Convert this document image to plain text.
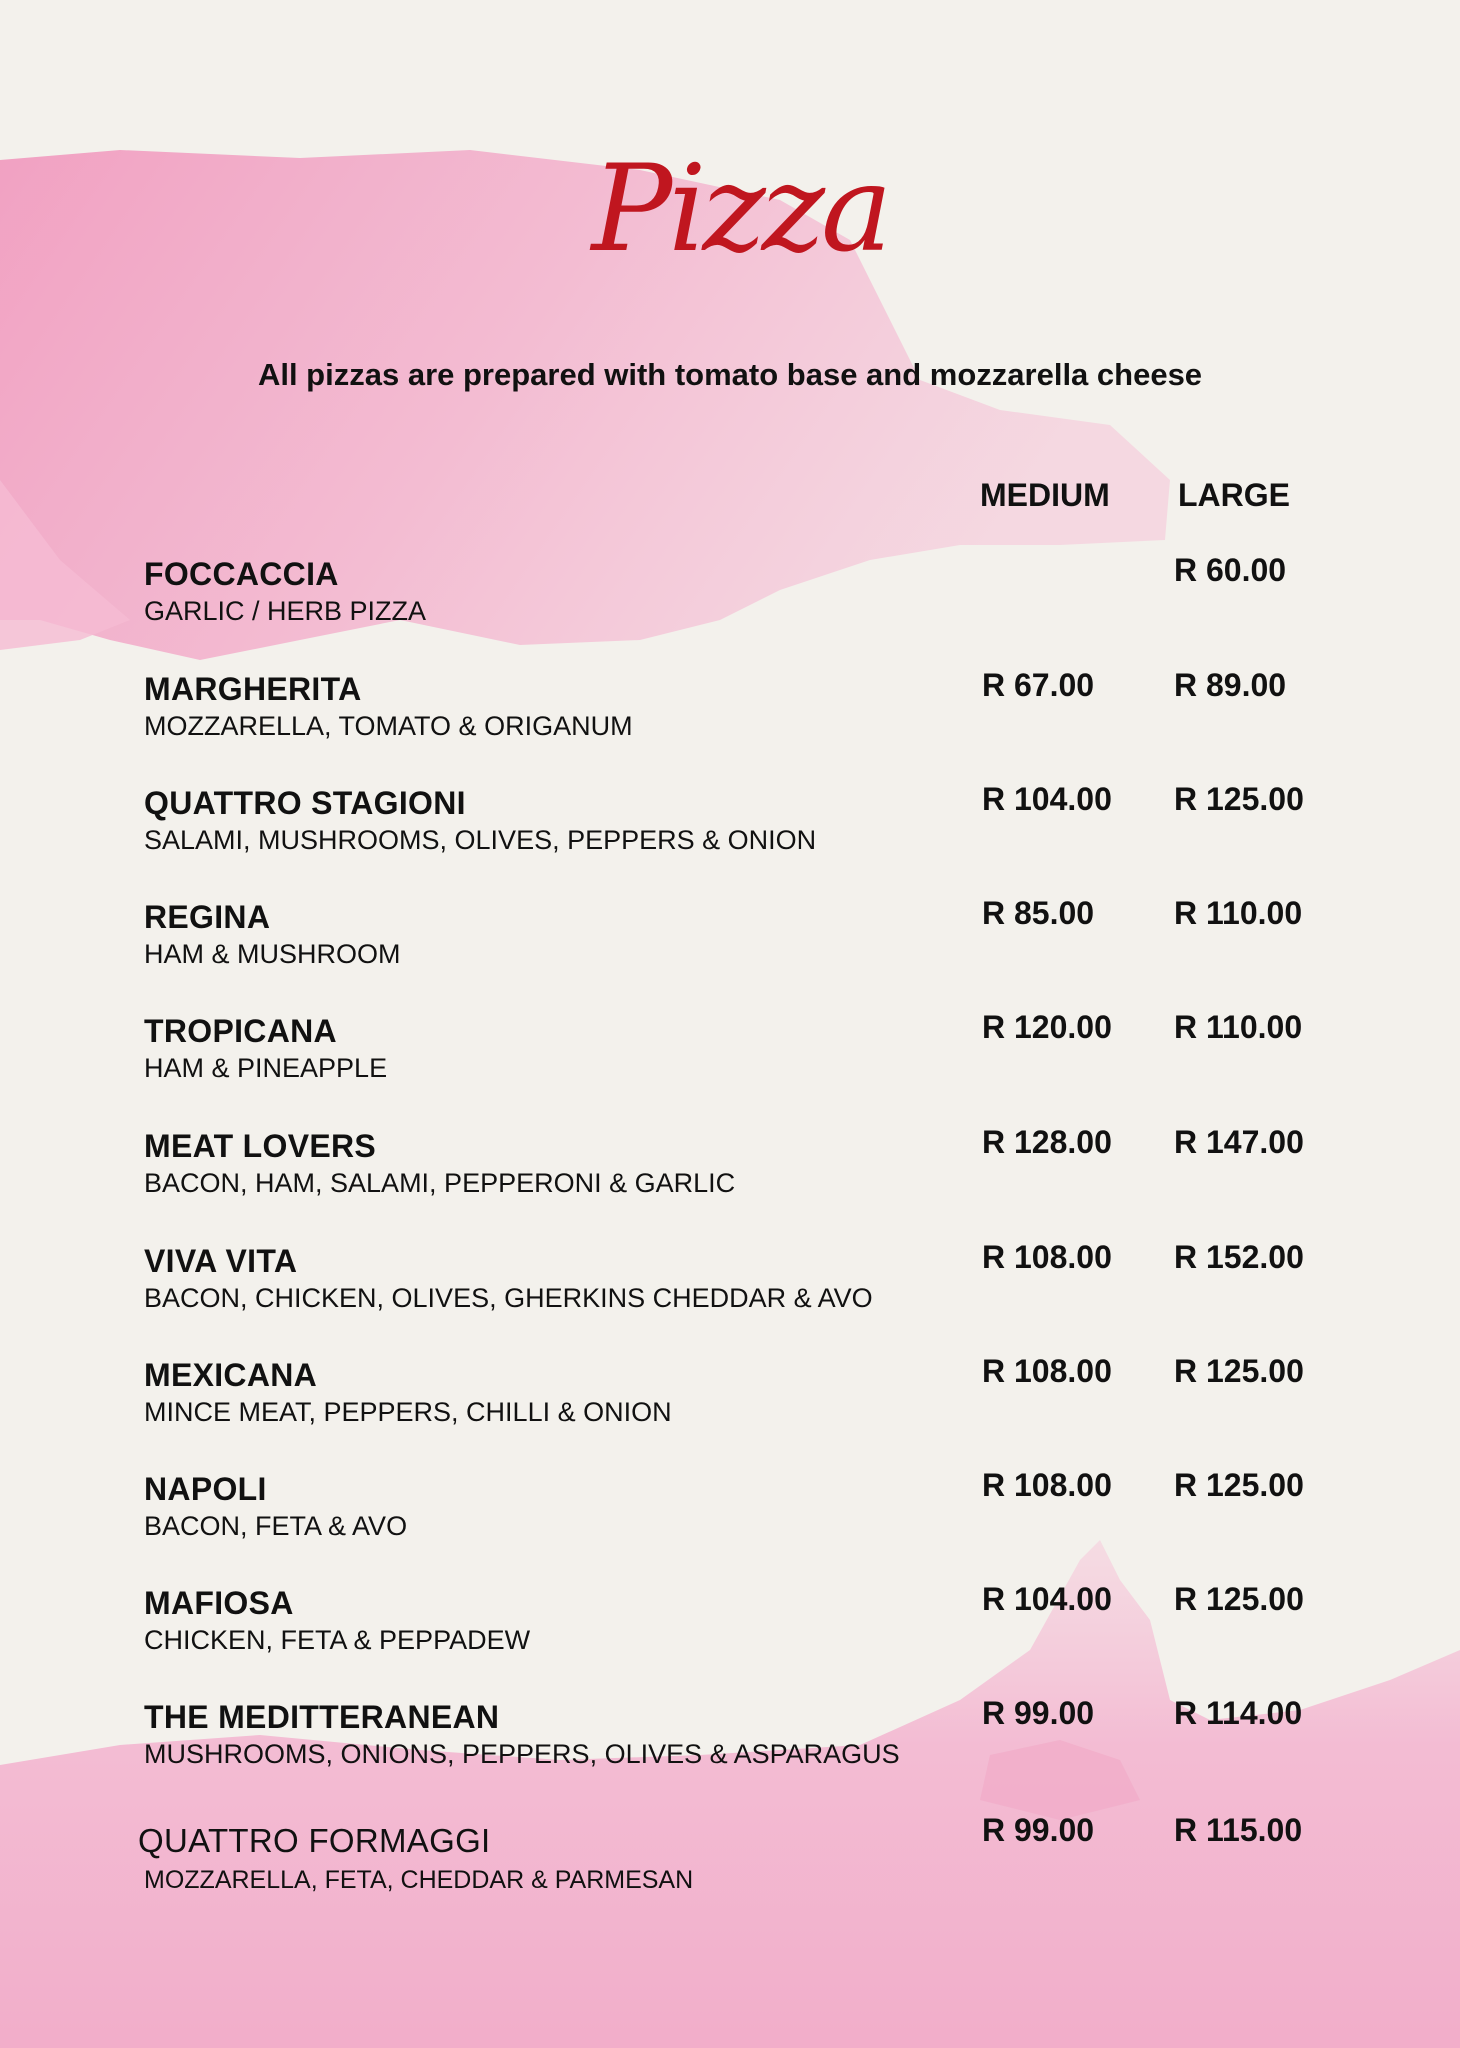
Pizza
All pizzas are prepared with tomato base and mozzarella cheese
MEDIUM LARGE
FOCCACCIA
GARLIC / HERB PIZZA
R 60.00
MARGHERITA
MOZZARELLA, TOMATO & ORIGANUM
R 67.00 R 89.00
QUATTRO STAGIONI
SALAMI, MUSHROOMS, OLIVES, PEPPERS & ONION
R 104.00 R 125.00
REGINA
HAM & MUSHROOM
R 85.00 R 110.00
TROPICANA
HAM & PINEAPPLE
R 120.00 R 110.00
MEAT LOVERS
BACON, HAM, SALAMI, PEPPERONI & GARLIC
R 128.00 R 147.00
VIVA VITA
BACON, CHICKEN, OLIVES, GHERKINS CHEDDAR & AVO
R 108.00 R 152.00
MEXICANA
MINCE MEAT, PEPPERS, CHILLI & ONION
R 108.00 R 125.00
NAPOLI
BACON, FETA & AVO
R 108.00 R 125.00
MAFIOSA
CHICKEN, FETA & PEPPADEW
R 104.00 R 125.00
THE MEDITTERANEAN
MUSHROOMS, ONIONS, PEPPERS, OLIVES & ASPARAGUS
R 99.00 R 114.00
QUATTRO FORMAGGI
MOZZARELLA, FETA, CHEDDAR & PARMESAN
R 99.00 R 115.00
